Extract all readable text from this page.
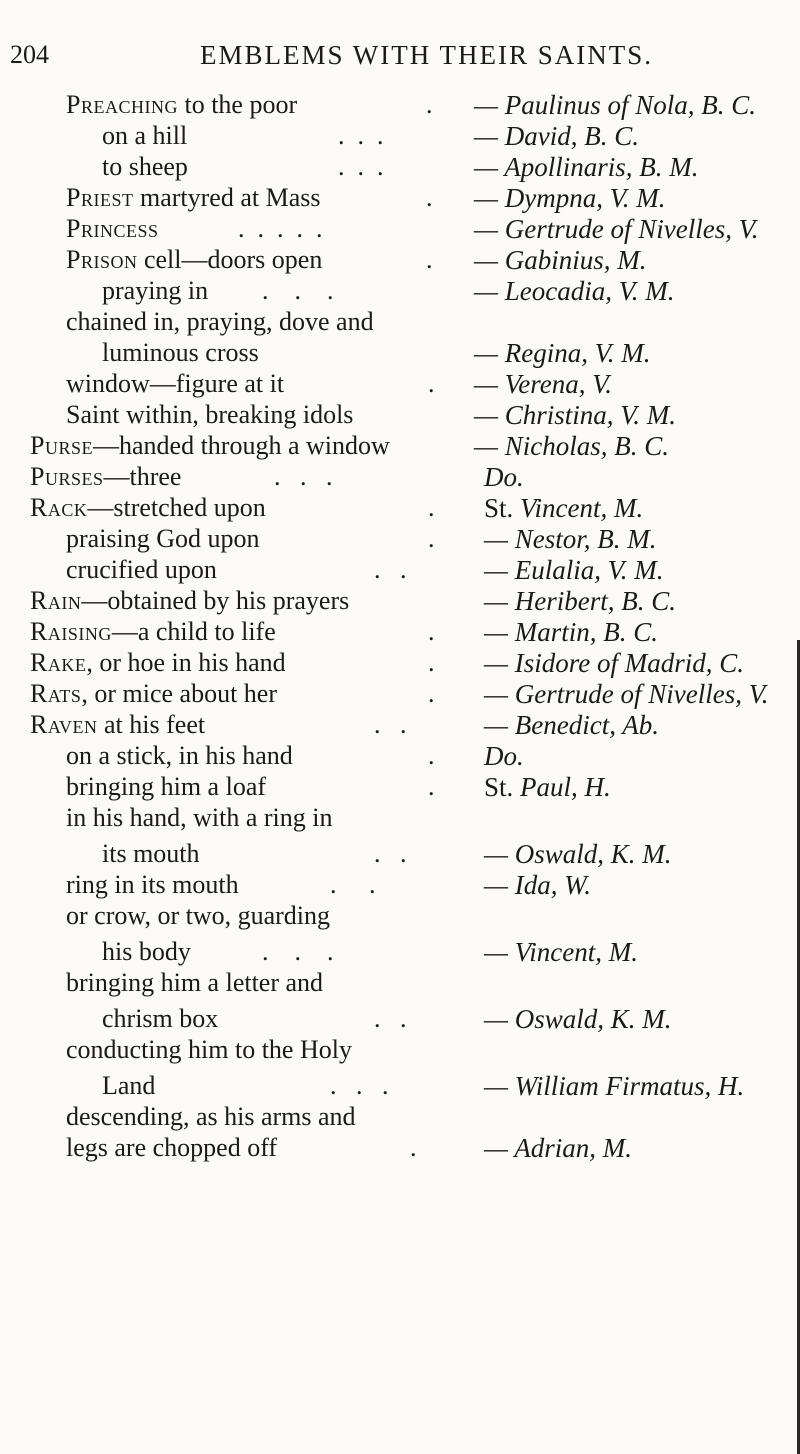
204	EMBLEMS WITH THEIR SAINTS.
Preaching to the poor	. — Paulinus of Nola, B. C.
on a hill	.  .  .	— David, B. C.
to sheep	.  .  .	— Apollinaris, B. M.
Priest martyred at Mass	. — Dympna, V. M.
Princess	.  .  .  .  .	— Gertrude of Nivelles, V.
Prison cell—doors open	. — Gabinius, M.
praying in .    .    .	— Leocadia, V. M.
chained in, praying, dove and
luminous cross	— Regina, V. M.
window—figure at it	. — Verena, V.
Saint within, breaking idols	— Christina, V. M.
Purse—handed through a window	— Nicholas, B. C.
Purses—three	.   .   .	Do.
Rack—stretched upon	. St. Vincent, M.
praising God upon	. — Nestor, B. M.
crucified upon	.   .	— Eulalia, V. M.
Rain—obtained by his prayers	— Heribert, B. C.
Raising—a child to life	. — Martin, B. C.
Rake, or hoe in his hand	. — Isidore of Madrid, C.
Rats, or mice about her	. — Gertrude of Nivelles, V.
Raven at his feet	.   .	— Benedict, Ab.
on a stick, in his hand	. Do.
bringing him a loaf	. St. Paul, H.
in his hand, with a ring in
its mouth	.   .	— Oswald, K. M.
ring in its mouth	.     .	— Ida, W.
or crow, or two, guarding
his body	.    .    .	— Vincent, M.
bringing him a letter and
chrism box	.   .	— Oswald, K. M.
conducting him to the Holy
Land	.   .   .	— William Firmatus, H.
descending, as his arms and
legs are chopped off	.	— Adrian, M.
